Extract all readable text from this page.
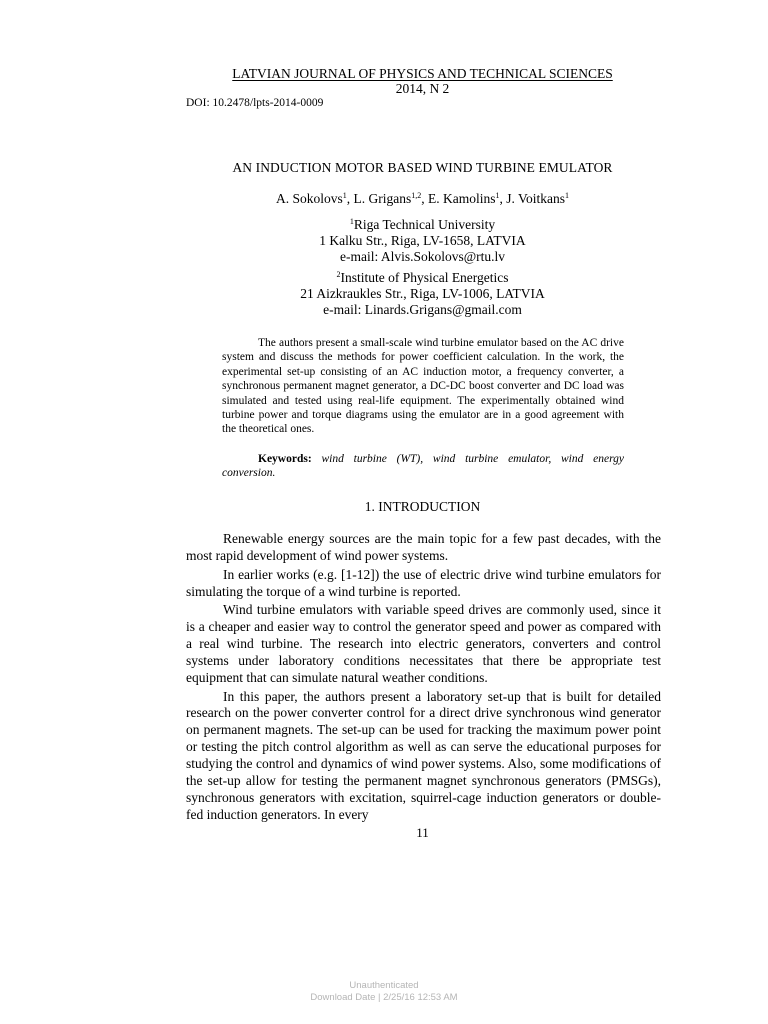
LATVIAN JOURNAL OF PHYSICS AND TECHNICAL SCIENCES
2014, N 2
DOI: 10.2478/lpts-2014-0009
AN INDUCTION MOTOR BASED WIND TURBINE EMULATOR
A. Sokolovs$^1$, L. Grigans$^{1,2}$, E. Kamolins$^1$, J. Voitkans$^1$
$^1$Riga Technical University
1 Kalku Str., Riga, LV-1658, LATVIA
e-mail: Alvis.Sokolovs@rtu.lv
$^2$Institute of Physical Energetics
21 Aizkraukles Str., Riga, LV-1006, LATVIA
e-mail: Linards.Grigans@gmail.com
The authors present a small-scale wind turbine emulator based on the AC drive system and discuss the methods for power coefficient calculation. In the work, the experimental set-up consisting of an AC induction motor, a frequency converter, a synchronous permanent magnet generator, a DC-DC boost converter and DC load was simulated and tested using real-life equipment. The experimentally obtained wind turbine power and torque diagrams using the emulator are in a good agreement with the theoretical ones.
Keywords: wind turbine (WT), wind turbine emulator, wind energy conversion.
1. INTRODUCTION

Renewable energy sources are the main topic for a few past decades, with the most rapid development of wind power systems.

In earlier works (e.g. [1-12]) the use of electric drive wind turbine emulators for simulating the torque of a wind turbine is reported.

Wind turbine emulators with variable speed drives are commonly used, since it is a cheaper and easier way to control the generator speed and power as compared with a real wind turbine. The research into electric generators, converters and control systems under laboratory conditions necessitates that there be appropriate test equipment that can simulate natural weather conditions.

In this paper, the authors present a laboratory set-up that is built for detailed research on the power converter control for a direct drive synchronous wind generator on permanent magnets. The set-up can be used for tracking the maximum power point or testing the pitch control algorithm as well as can serve the educational purposes for studying the control and dynamics of wind power systems. Also, some modifications of the set-up allow for testing the permanent magnet synchronous generators (PMSGs), synchronous generators with excitation, squirrel-cage induction generators or double-fed induction generators. In every

11
Unauthenticated
Download Date | 2/25/16 12:53 AM
